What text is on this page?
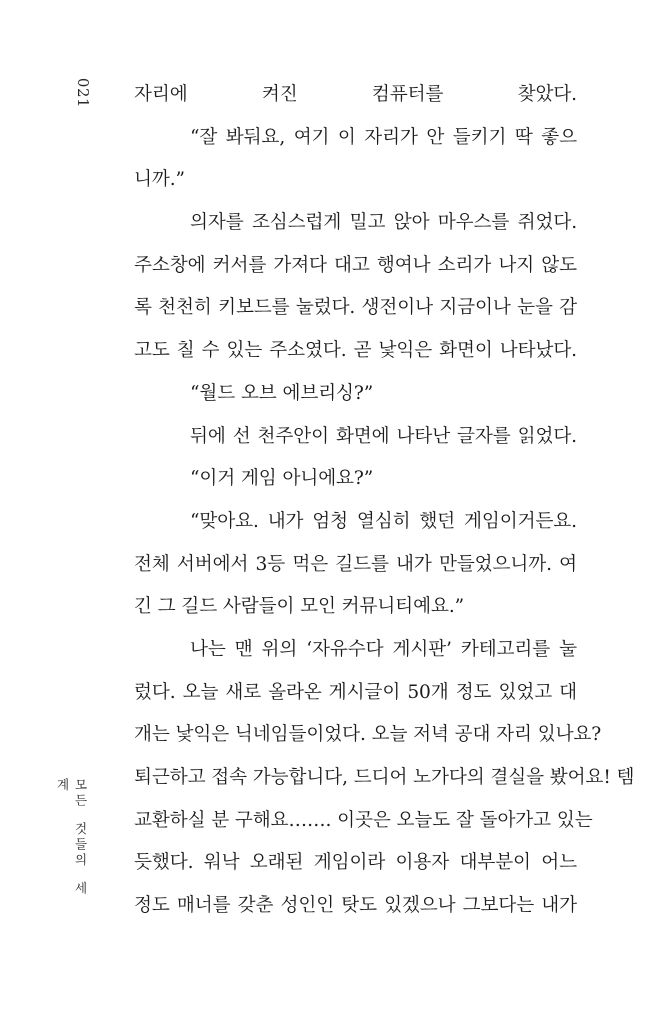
021
모든 것들의 세계
자리에 켜진 컴퓨터를 찾았다.
“잘 봐둬요, 여기 이 자리가 안 들키기 딱 좋으
니까.”
의자를 조심스럽게 밀고 앉아 마우스를 쥐었다.
주소창에 커서를 가져다 대고 행여나 소리가 나지 않도
록 천천히 키보드를 눌렀다. 생전이나 지금이나 눈을 감
고도 칠 수 있는 주소였다. 곧 낯익은 화면이 나타났다.
“월드 오브 에브리싱?”
뒤에 선 천주안이 화면에 나타난 글자를 읽었다.
“이거 게임 아니에요?”
“맞아요. 내가 엄청 열심히 했던 게임이거든요.
전체 서버에서 3등 먹은 길드를 내가 만들었으니까. 여
긴 그 길드 사람들이 모인 커뮤니티예요.”
나는 맨 위의 ‘자유수다 게시판’ 카테고리를 눌
렀다. 오늘 새로 올라온 게시글이 50개 정도 있었고 대
개는 낯익은 닉네임들이었다. 오늘 저녁 공대 자리 있나요?
퇴근하고 접속 가능합니다, 드디어 노가다의 결실을 봤어요! 템
교환하실 분 구해요……. 이곳은 오늘도 잘 돌아가고 있는
듯했다. 워낙 오래된 게임이라 이용자 대부분이 어느
정도 매너를 갖춘 성인인 탓도 있겠으나 그보다는 내가
